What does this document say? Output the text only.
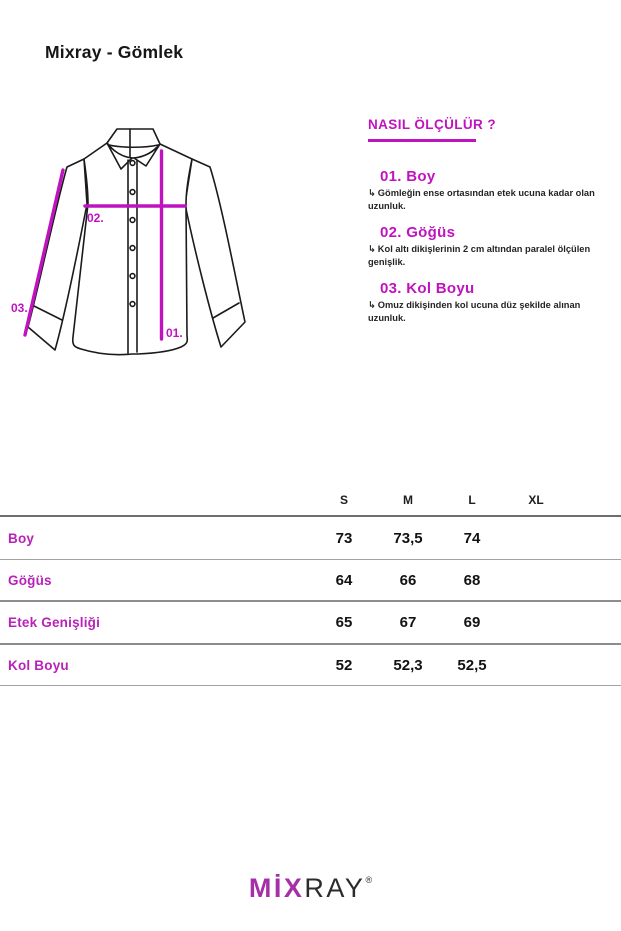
Mixray - Gömlek
02.
01.
03.
NASIL ÖLÇÜLÜR ?
01. Boy

↳ Gömleğin ense ortasından etek ucuna kadar olan uzunluk.

02. Göğüs

↳ Kol altı dikişlerinin 2 cm altından paralel ölçülen genişlik.

03. Kol Boyu

↳ Omuz dikişinden kol ucuna düz şekilde alınan uzunluk.

S	M	L	XL
Boy	73	73,5	74
Göğüs	64	66	68
Etek Genişliği	65	67	69
Kol Boyu	52	52,3	52,5
MİXRAY®
